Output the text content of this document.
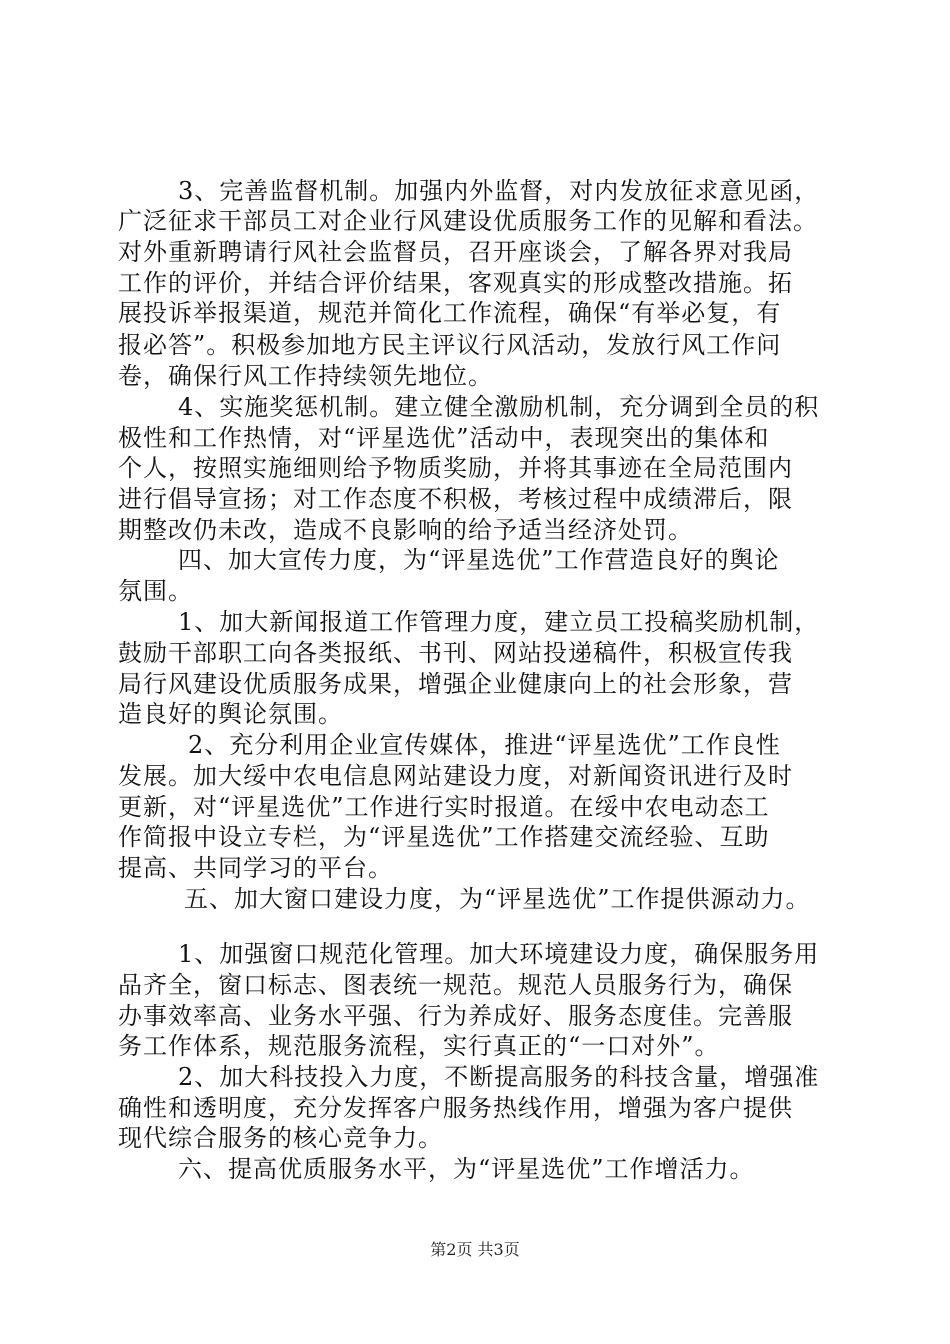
3、完善监督机制。加强内外监督，对内发放征求意见函，
广泛征求干部员工对企业行风建设优质服务工作的见解和看法。
对外重新聘请行风社会监督员，召开座谈会，了解各界对我局
工作的评价，并结合评价结果，客观真实的形成整改措施。拓
展投诉举报渠道，规范并简化工作流程，确保“有举必复，有
报必答”。积极参加地方民主评议行风活动，发放行风工作问
卷，确保行风工作持续领先地位。
4、实施奖惩机制。建立健全激励机制，充分调到全员的积
极性和工作热情，对“评星选优”活动中，表现突出的集体和
个人，按照实施细则给予物质奖励，并将其事迹在全局范围内
进行倡导宣扬；对工作态度不积极，考核过程中成绩滞后，限
期整改仍未改，造成不良影响的给予适当经济处罚。
四、加大宣传力度，为“评星选优”工作营造良好的舆论
氛围。
1、加大新闻报道工作管理力度，建立员工投稿奖励机制，
鼓励干部职工向各类报纸、书刊、网站投递稿件，积极宣传我
局行风建设优质服务成果，增强企业健康向上的社会形象，营
造良好的舆论氛围。
2、充分利用企业宣传媒体，推进“评星选优”工作良性
发展。加大绥中农电信息网站建设力度，对新闻资讯进行及时
更新，对“评星选优”工作进行实时报道。在绥中农电动态工
作简报中设立专栏，为“评星选优”工作搭建交流经验、互助
提高、共同学习的平台。
五、加大窗口建设力度，为“评星选优”工作提供源动力。
1、加强窗口规范化管理。加大环境建设力度，确保服务用
品齐全，窗口标志、图表统一规范。规范人员服务行为，确保
办事效率高、业务水平强、行为养成好、服务态度佳。完善服
务工作体系，规范服务流程，实行真正的“一口对外”。
2、加大科技投入力度，不断提高服务的科技含量，增强准
确性和透明度，充分发挥客户服务热线作用，增强为客户提供
现代综合服务的核心竞争力。
六、提高优质服务水平，为“评星选优”工作增活力。
第2页 共3页
